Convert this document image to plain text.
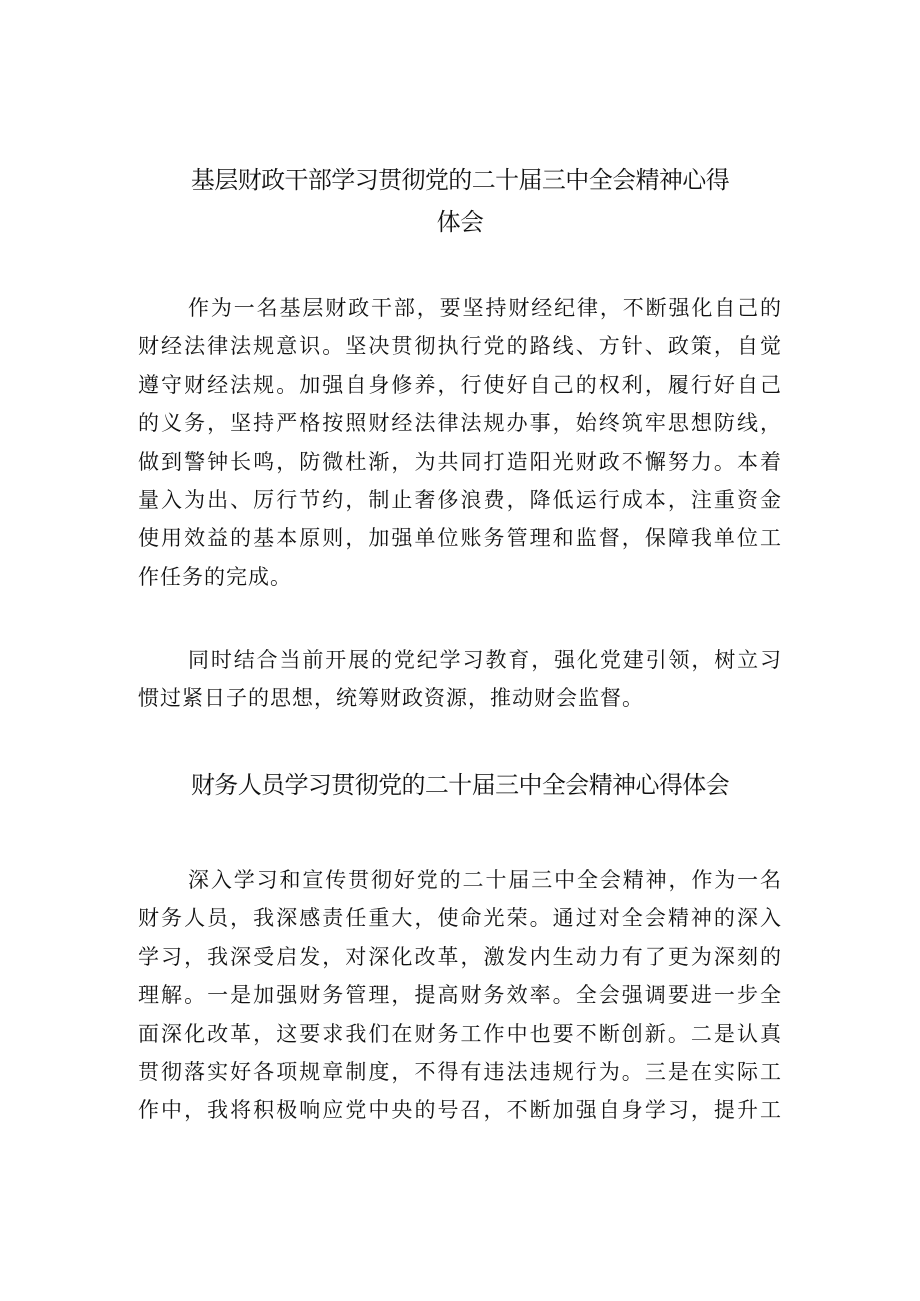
基层财政干部学习贯彻党的二十届三中全会精神心得
体会
作为一名基层财政干部，要坚持财经纪律，不断强化自己的
财经法律法规意识。坚决贯彻执行党的路线、方针、政策，自觉
遵守财经法规。加强自身修养，行使好自己的权利，履行好自己
的义务，坚持严格按照财经法律法规办事，始终筑牢思想防线，
做到警钟长鸣，防微杜渐，为共同打造阳光财政不懈努力。本着
量入为出、厉行节约，制止奢侈浪费，降低运行成本，注重资金
使用效益的基本原则，加强单位账务管理和监督，保障我单位工
作任务的完成。
同时结合当前开展的党纪学习教育，强化党建引领，树立习
惯过紧日子的思想，统筹财政资源，推动财会监督。
财务人员学习贯彻党的二十届三中全会精神心得体会
深入学习和宣传贯彻好党的二十届三中全会精神，作为一名
财务人员，我深感责任重大，使命光荣。通过对全会精神的深入
学习，我深受启发，对深化改革，激发内生动力有了更为深刻的
理解。一是加强财务管理，提高财务效率。全会强调要进一步全
面深化改革，这要求我们在财务工作中也要不断创新。二是认真
贯彻落实好各项规章制度，不得有违法违规行为。三是在实际工
作中，我将积极响应党中央的号召，不断加强自身学习，提升工
